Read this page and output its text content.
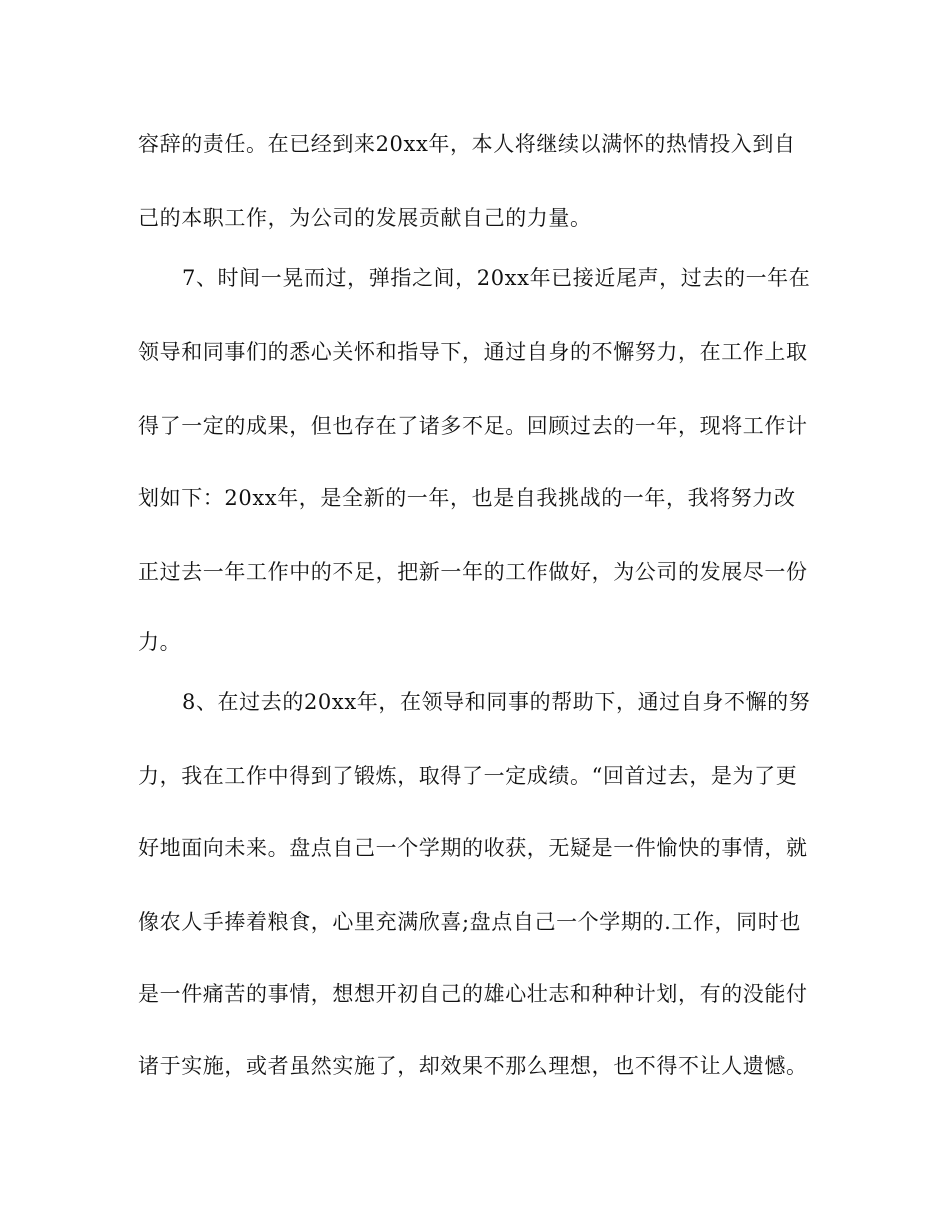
容辞的责任。在已经到来20xx年，本人将继续以满怀的热情投入到自
己的本职工作，为公司的发展贡献自己的力量。
7、时间一晃而过，弹指之间，20xx年已接近尾声，过去的一年在
领导和同事们的悉心关怀和指导下，通过自身的不懈努力，在工作上取
得了一定的成果，但也存在了诸多不足。回顾过去的一年，现将工作计
划如下：20xx年，是全新的一年，也是自我挑战的一年，我将努力改
正过去一年工作中的不足，把新一年的工作做好，为公司的发展尽一份
力。
8、在过去的20xx年，在领导和同事的帮助下，通过自身不懈的努
力，我在工作中得到了锻炼，取得了一定成绩。“回首过去，是为了更
好地面向未来。盘点自己一个学期的收获，无疑是一件愉快的事情，就
像农人手捧着粮食，心里充满欣喜;盘点自己一个学期的.工作，同时也
是一件痛苦的事情，想想开初自己的雄心壮志和种种计划，有的没能付
诸于实施，或者虽然实施了，却效果不那么理想，也不得不让人遗憾。
